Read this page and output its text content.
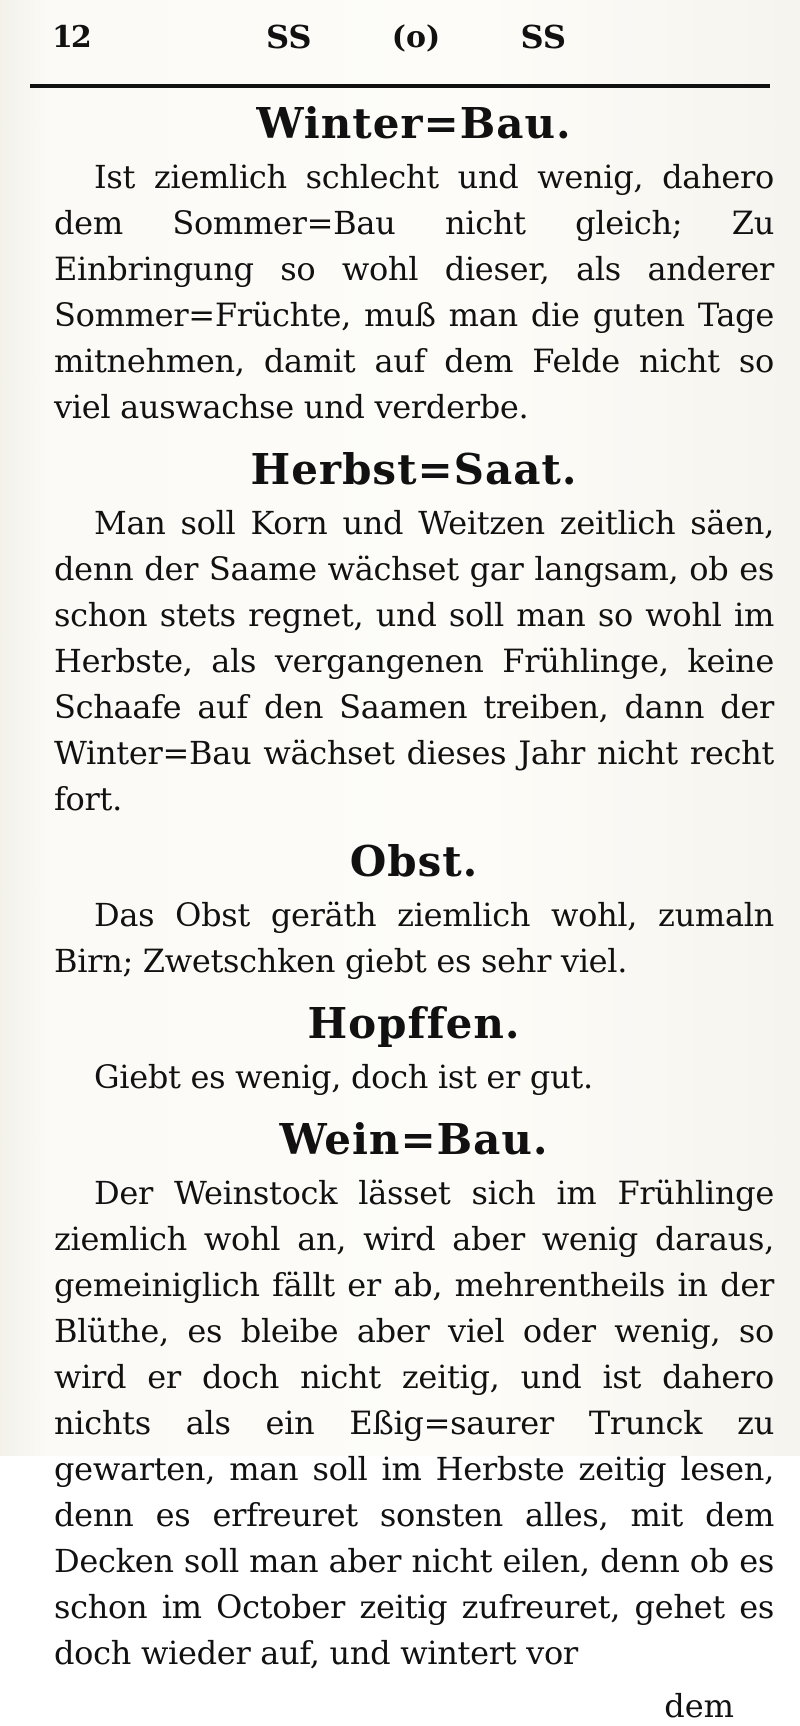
12	SS	(o)	SS
Winter=Bau.

Ist ziemlich schlecht und wenig, dahero dem Sommer=Bau nicht gleich; Zu Einbringung so wohl dieser, als anderer Sommer=Früchte, muß man die guten Tage mitnehmen, damit auf dem Felde nicht so viel auswachse und verderbe.

Herbst=Saat.

Man soll Korn und Weitzen zeitlich säen, denn der Saame wächset gar langsam, ob es schon stets regnet, und soll man so wohl im Herbste, als vergangenen Frühlinge, keine Schaafe auf den Saamen treiben, dann der Winter=Bau wächset dieses Jahr nicht recht fort.

Obst.

Das Obst geräth ziemlich wohl, zumaln Birn; Zwetschken giebt es sehr viel.

Hopffen.

Giebt es wenig, doch ist er gut.

Wein=Bau.

Der Weinstock lässet sich im Frühlinge ziemlich wohl an, wird aber wenig daraus, gemeiniglich fällt er ab, mehrentheils in der Blüthe, es bleibe aber viel oder wenig, so wird er doch nicht zeitig, und ist dahero nichts als ein Eßig=saurer Trunck zu gewarten, man soll im Herbste zeitig lesen, denn es erfreuret sonsten alles, mit dem Decken soll man aber nicht eilen, denn ob es schon im October zeitig zufreuret, gehet es doch wieder auf, und wintert vor

dem
